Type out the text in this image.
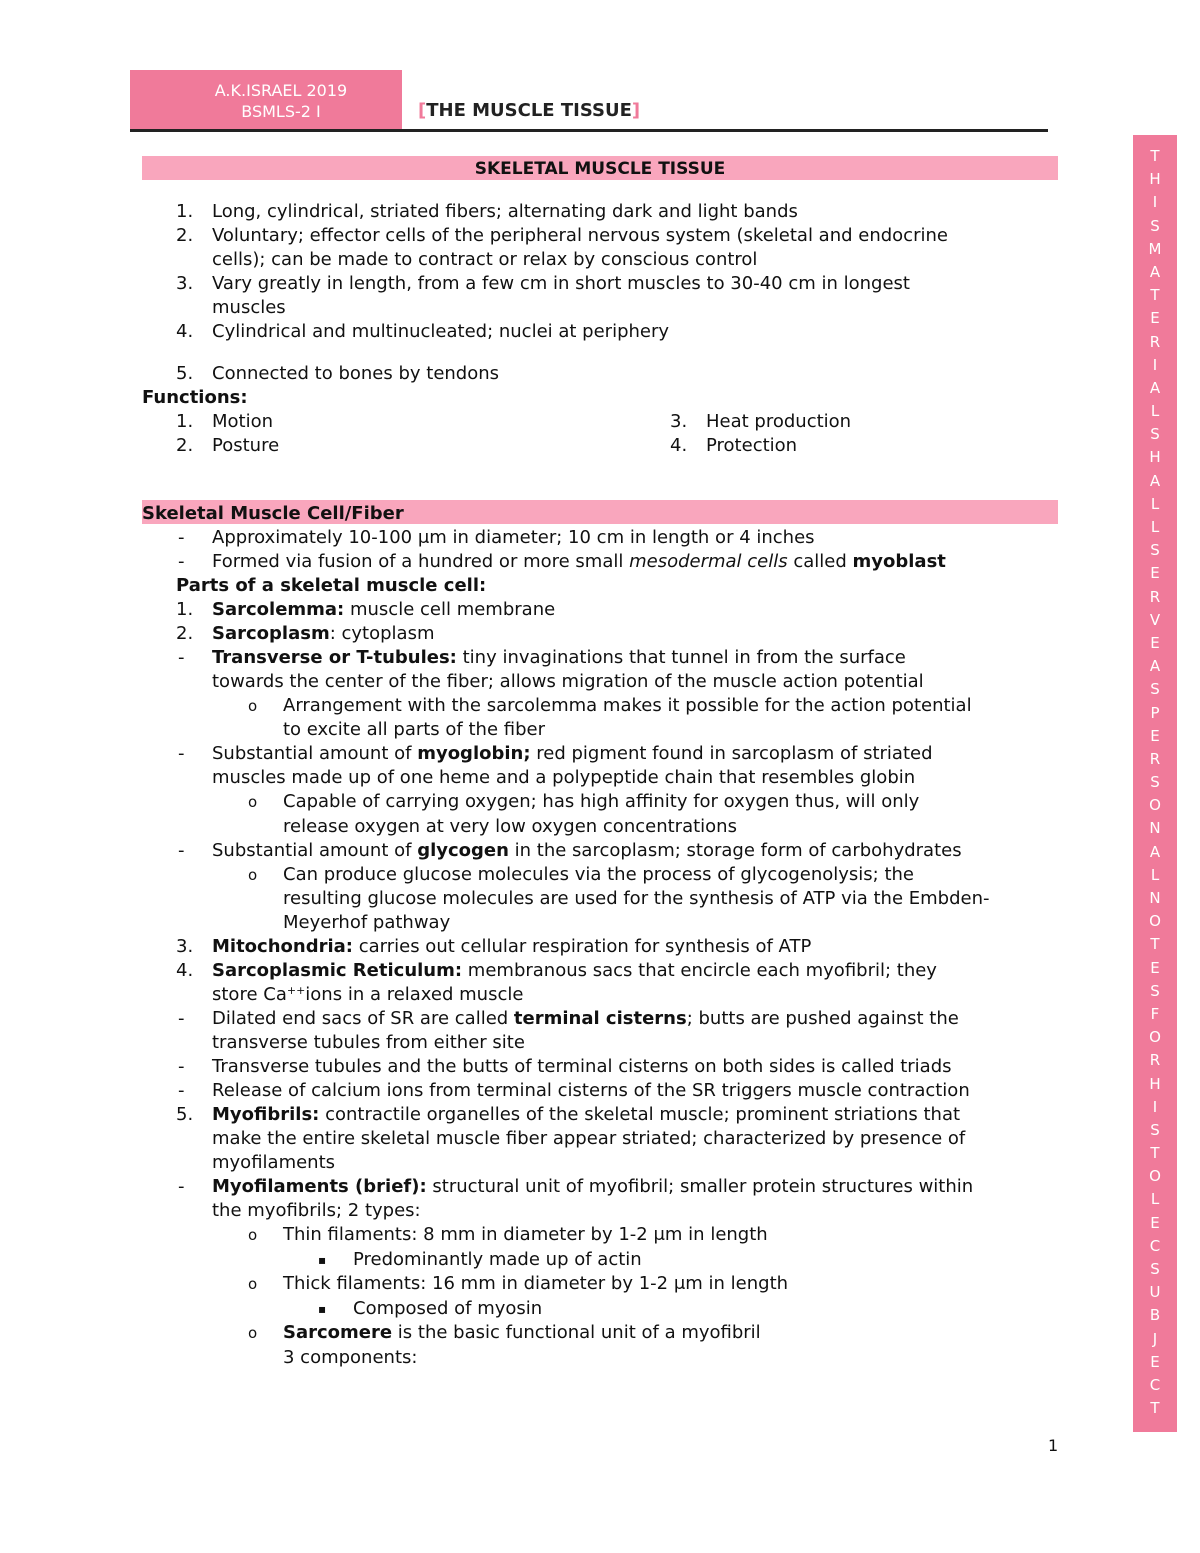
A.K.ISRAEL 2019
BSMLS-2 I	[THE MUSCLE TISSUE]
T
H
I
S
M
A
T
E
R
I
A
L
S
H
A
L
L
S
E
R
V
E
A
S
P
E
R
S
O
N
A
L
N
O
T
E
S
F
O
R
H
I
S
T
O
L
E
C
S
U
B
J
E
C
T
SKELETAL MUSCLE TISSUE
1. Long, cylindrical, striated fibers; alternating dark and light bands
2. Voluntary; effector cells of the peripheral nervous system (skeletal and endocrine
cells); can be made to contract or relax by conscious control
3. Vary greatly in length, from a few cm in short muscles to 30-40 cm in longest
muscles
4. Cylindrical and multinucleated; nuclei at periphery
5. Connected to bones by tendons
Functions:
1. Motion
2. Posture
3. Heat production
4. Protection
Skeletal Muscle Cell/Fiber
- Approximately 10-100 μm in diameter; 10 cm in length or 4 inches
- Formed via fusion of a hundred or more small mesodermal cells called myoblast
Parts of a skeletal muscle cell:
1. Sarcolemma: muscle cell membrane
2. Sarcoplasm: cytoplasm
- Transverse or T-tubules: tiny invaginations that tunnel in from the surface
towards the center of the fiber; allows migration of the muscle action potential
o Arrangement with the sarcolemma makes it possible for the action potential
to excite all parts of the fiber
- Substantial amount of myoglobin; red pigment found in sarcoplasm of striated
muscles made up of one heme and a polypeptide chain that resembles globin
o Capable of carrying oxygen; has high affinity for oxygen thus, will only
release oxygen at very low oxygen concentrations
- Substantial amount of glycogen in the sarcoplasm; storage form of carbohydrates
o Can produce glucose molecules via the process of glycogenolysis; the
resulting glucose molecules are used for the synthesis of ATP via the Embden-
Meyerhof pathway
3. Mitochondria: carries out cellular respiration for synthesis of ATP
4. Sarcoplasmic Reticulum: membranous sacs that encircle each myofibril; they
store Ca++ions in a relaxed muscle
- Dilated end sacs of SR are called terminal cisterns; butts are pushed against the
transverse tubules from either site
- Transverse tubules and the butts of terminal cisterns on both sides is called triads
- Release of calcium ions from terminal cisterns of the SR triggers muscle contraction
5. Myofibrils: contractile organelles of the skeletal muscle; prominent striations that
make the entire skeletal muscle fiber appear striated; characterized by presence of
myofilaments
- Myofilaments (brief): structural unit of myofibril; smaller protein structures within
the myofibrils; 2 types:
o Thin filaments: 8 mm in diameter by 1-2 μm in length
▪ Predominantly made up of actin
o Thick filaments: 16 mm in diameter by 1-2 μm in length
▪ Composed of myosin
o Sarcomere is the basic functional unit of a myofibril
3 components:
1
